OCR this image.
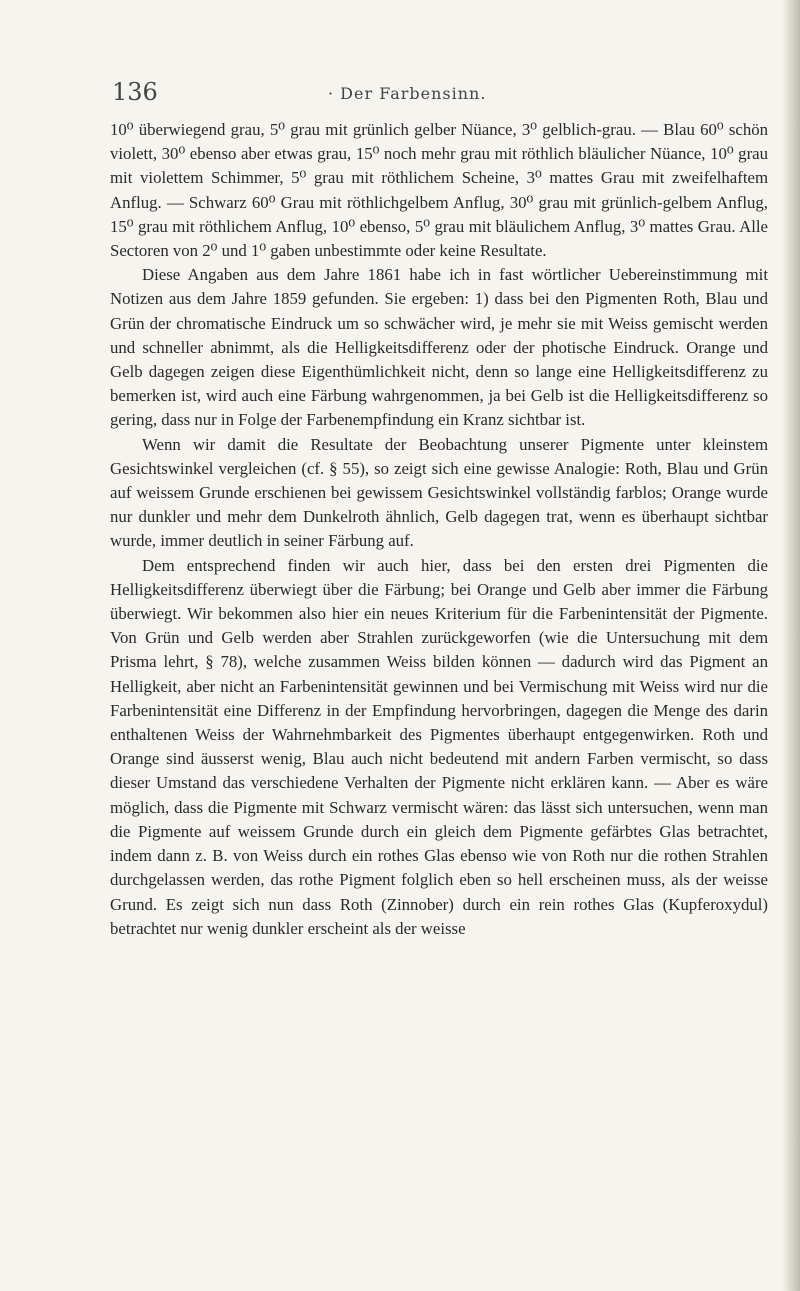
136	· Der Farbensinn.

10⁰ überwiegend grau, 5⁰ grau mit grünlich gelber Nüance, 3⁰ gelblich-grau. — Blau 60⁰ schön violett, 30⁰ ebenso aber etwas grau, 15⁰ noch mehr grau mit röthlich bläulicher Nüance, 10⁰ grau mit violettem Schimmer, 5⁰ grau mit röthlichem Scheine, 3⁰ mattes Grau mit zweifelhaftem Anflug. — Schwarz 60⁰ Grau mit röthlichgelbem Anflug, 30⁰ grau mit grünlich-gelbem Anflug, 15⁰ grau mit röthlichem Anflug, 10⁰ ebenso, 5⁰ grau mit bläulichem Anflug, 3⁰ mattes Grau. Alle Sectoren von 2⁰ und 1⁰ gaben unbestimmte oder keine Resultate.

Diese Angaben aus dem Jahre 1861 habe ich in fast wörtlicher Uebereinstimmung mit Notizen aus dem Jahre 1859 gefunden. Sie ergeben: 1) dass bei den Pigmenten Roth, Blau und Grün der chromatische Eindruck um so schwächer wird, je mehr sie mit Weiss gemischt werden und schneller abnimmt, als die Helligkeitsdifferenz oder der photische Eindruck. Orange und Gelb dagegen zeigen diese Eigenthümlichkeit nicht, denn so lange eine Helligkeitsdifferenz zu bemerken ist, wird auch eine Färbung wahrgenommen, ja bei Gelb ist die Helligkeitsdifferenz so gering, dass nur in Folge der Farbenempfindung ein Kranz sichtbar ist.

Wenn wir damit die Resultate der Beobachtung unserer Pigmente unter kleinstem Gesichtswinkel vergleichen (cf. § 55), so zeigt sich eine gewisse Analogie: Roth, Blau und Grün auf weissem Grunde erschienen bei gewissem Gesichtswinkel vollständig farblos; Orange wurde nur dunkler und mehr dem Dunkelroth ähnlich, Gelb dagegen trat, wenn es überhaupt sichtbar wurde, immer deutlich in seiner Färbung auf.

Dem entsprechend finden wir auch hier, dass bei den ersten drei Pigmenten die Helligkeitsdifferenz überwiegt über die Färbung; bei Orange und Gelb aber immer die Färbung überwiegt. Wir bekommen also hier ein neues Kriterium für die Farbenintensität der Pigmente. Von Grün und Gelb werden aber Strahlen zurückgeworfen (wie die Untersuchung mit dem Prisma lehrt, § 78), welche zusammen Weiss bilden können — dadurch wird das Pigment an Helligkeit, aber nicht an Farbenintensität gewinnen und bei Vermischung mit Weiss wird nur die Farbenintensität eine Differenz in der Empfindung hervorbringen, dagegen die Menge des darin enthaltenen Weiss der Wahrnehmbarkeit des Pigmentes überhaupt entgegenwirken. Roth und Orange sind äusserst wenig, Blau auch nicht bedeutend mit andern Farben vermischt, so dass dieser Umstand das verschiedene Verhalten der Pigmente nicht erklären kann. — Aber es wäre möglich, dass die Pigmente mit Schwarz vermischt wären: das lässt sich untersuchen, wenn man die Pigmente auf weissem Grunde durch ein gleich dem Pigmente gefärbtes Glas betrachtet, indem dann z. B. von Weiss durch ein rothes Glas ebenso wie von Roth nur die rothen Strahlen durchgelassen werden, das rothe Pigment folglich eben so hell erscheinen muss, als der weisse Grund. Es zeigt sich nun dass Roth (Zinnober) durch ein rein rothes Glas (Kupferoxydul) betrachtet nur wenig dunkler erscheint als der weisse
